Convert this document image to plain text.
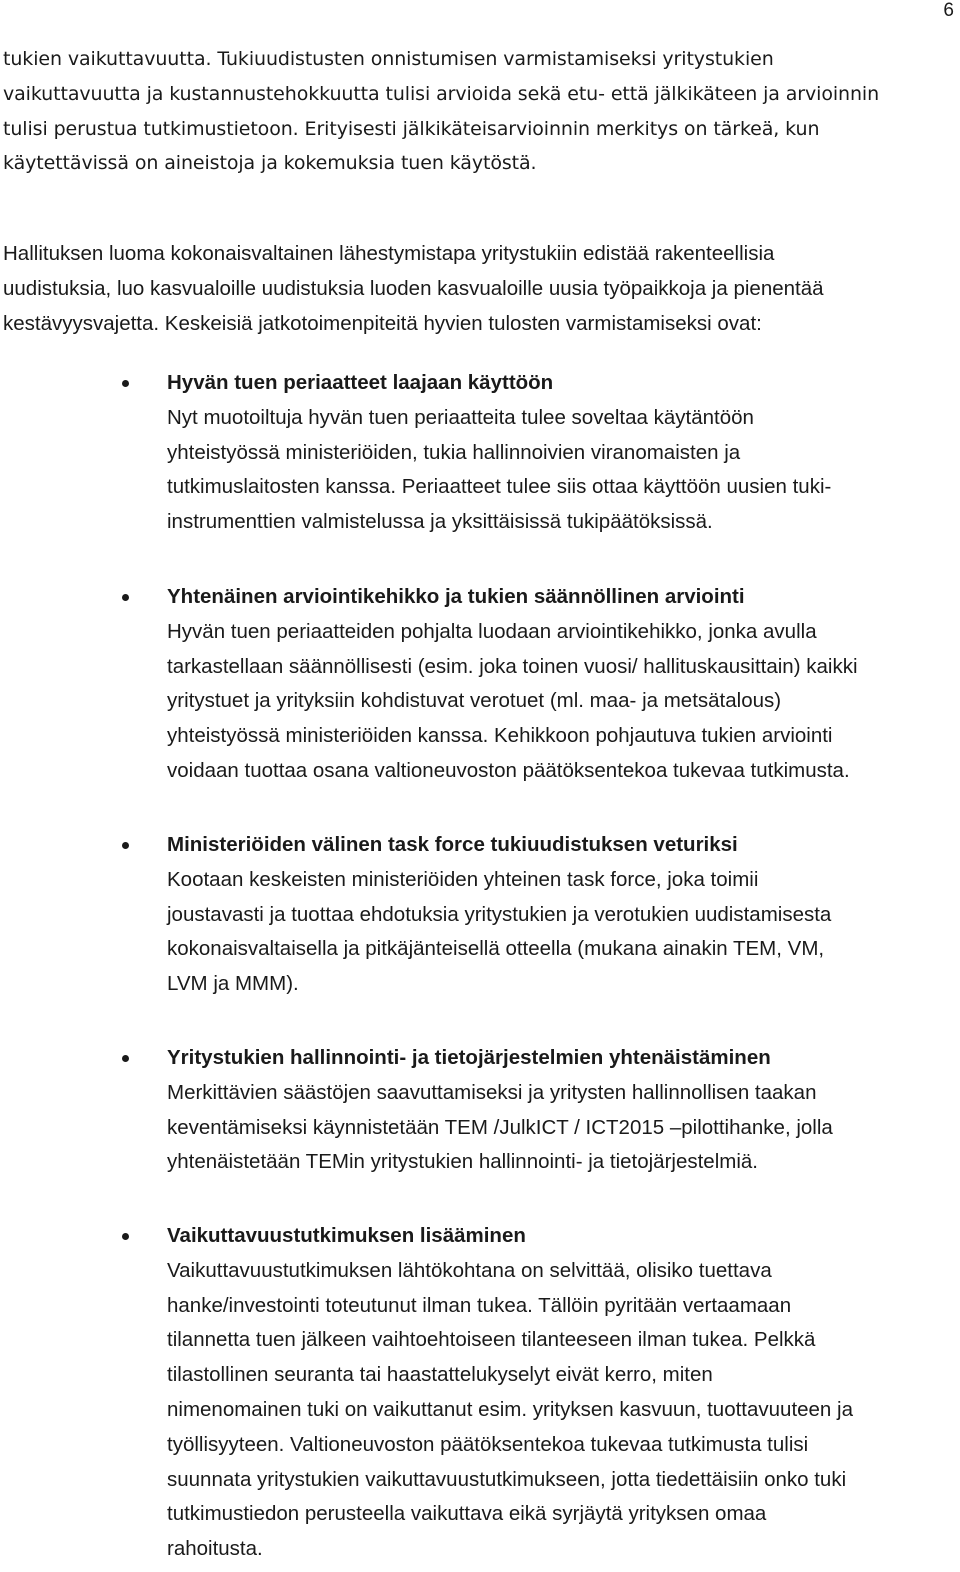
6
tukien vaikuttavuutta. Tukiuudistusten onnistumisen varmistamiseksi yritystukien
vaikuttavuutta ja kustannustehokkuutta tulisi arvioida sekä etu- että jälkikäteen ja arvioinnin
tulisi perustua tutkimustietoon. Erityisesti jälkikäteisarvioinnin merkitys on tärkeä, kun
käytettävissä on aineistoja ja kokemuksia tuen käytöstä.
Hallituksen luoma kokonaisvaltainen lähestymistapa yritystukiin edistää rakenteellisia
uudistuksia, luo kasvualoille uudistuksia luoden kasvualoille uusia työpaikkoja ja pienentää
kestävyysvajetta. Keskeisiä jatkotoimenpiteitä hyvien tulosten varmistamiseksi ovat:
Hyvän tuen periaatteet laajaan käyttöön
Nyt muotoiltuja hyvän tuen periaatteita tulee soveltaa käytäntöön
yhteistyössä ministeriöiden, tukia hallinnoivien viranomaisten ja
tutkimuslaitosten kanssa. Periaatteet tulee siis ottaa käyttöön uusien tuki-
instrumenttien valmistelussa ja yksittäisissä tukipäätöksissä.
Yhtenäinen arviointikehikko ja tukien säännöllinen arviointi
Hyvän tuen periaatteiden pohjalta luodaan arviointikehikko, jonka avulla
tarkastellaan säännöllisesti (esim. joka toinen vuosi/ hallituskausittain) kaikki
yritystuet ja yrityksiin kohdistuvat verotuet (ml. maa- ja metsätalous)
yhteistyössä ministeriöiden kanssa. Kehikkoon pohjautuva tukien arviointi
voidaan tuottaa osana valtioneuvoston päätöksentekoa tukevaa tutkimusta.
Ministeriöiden välinen task force tukiuudistuksen veturiksi
Kootaan keskeisten ministeriöiden yhteinen task force, joka toimii
joustavasti ja tuottaa ehdotuksia yritystukien ja verotukien uudistamisesta
kokonaisvaltaisella ja pitkäjänteisellä otteella (mukana ainakin TEM, VM,
LVM ja MMM).
Yritystukien hallinnointi- ja tietojärjestelmien yhtenäistäminen
Merkittävien säästöjen saavuttamiseksi ja yritysten hallinnollisen taakan
keventämiseksi käynnistetään TEM /JulkICT / ICT2015 –pilottihanke, jolla
yhtenäistetään TEMin yritystukien hallinnointi- ja tietojärjestelmiä.
Vaikuttavuustutkimuksen lisääminen
Vaikuttavuustutkimuksen lähtökohtana on selvittää, olisiko tuettava
hanke/investointi toteutunut ilman tukea. Tällöin pyritään vertaamaan
tilannetta tuen jälkeen vaihtoehtoiseen tilanteeseen ilman tukea. Pelkkä
tilastollinen seuranta tai haastattelukyselyt eivät kerro, miten
nimenomainen tuki on vaikuttanut esim. yrityksen kasvuun, tuottavuuteen ja
työllisyyteen. Valtioneuvoston päätöksentekoa tukevaa tutkimusta tulisi
suunnata yritystukien vaikuttavuustutkimukseen, jotta tiedettäisiin onko tuki
tutkimustiedon perusteella vaikuttava eikä syrjäytä yrityksen omaa
rahoitusta.
